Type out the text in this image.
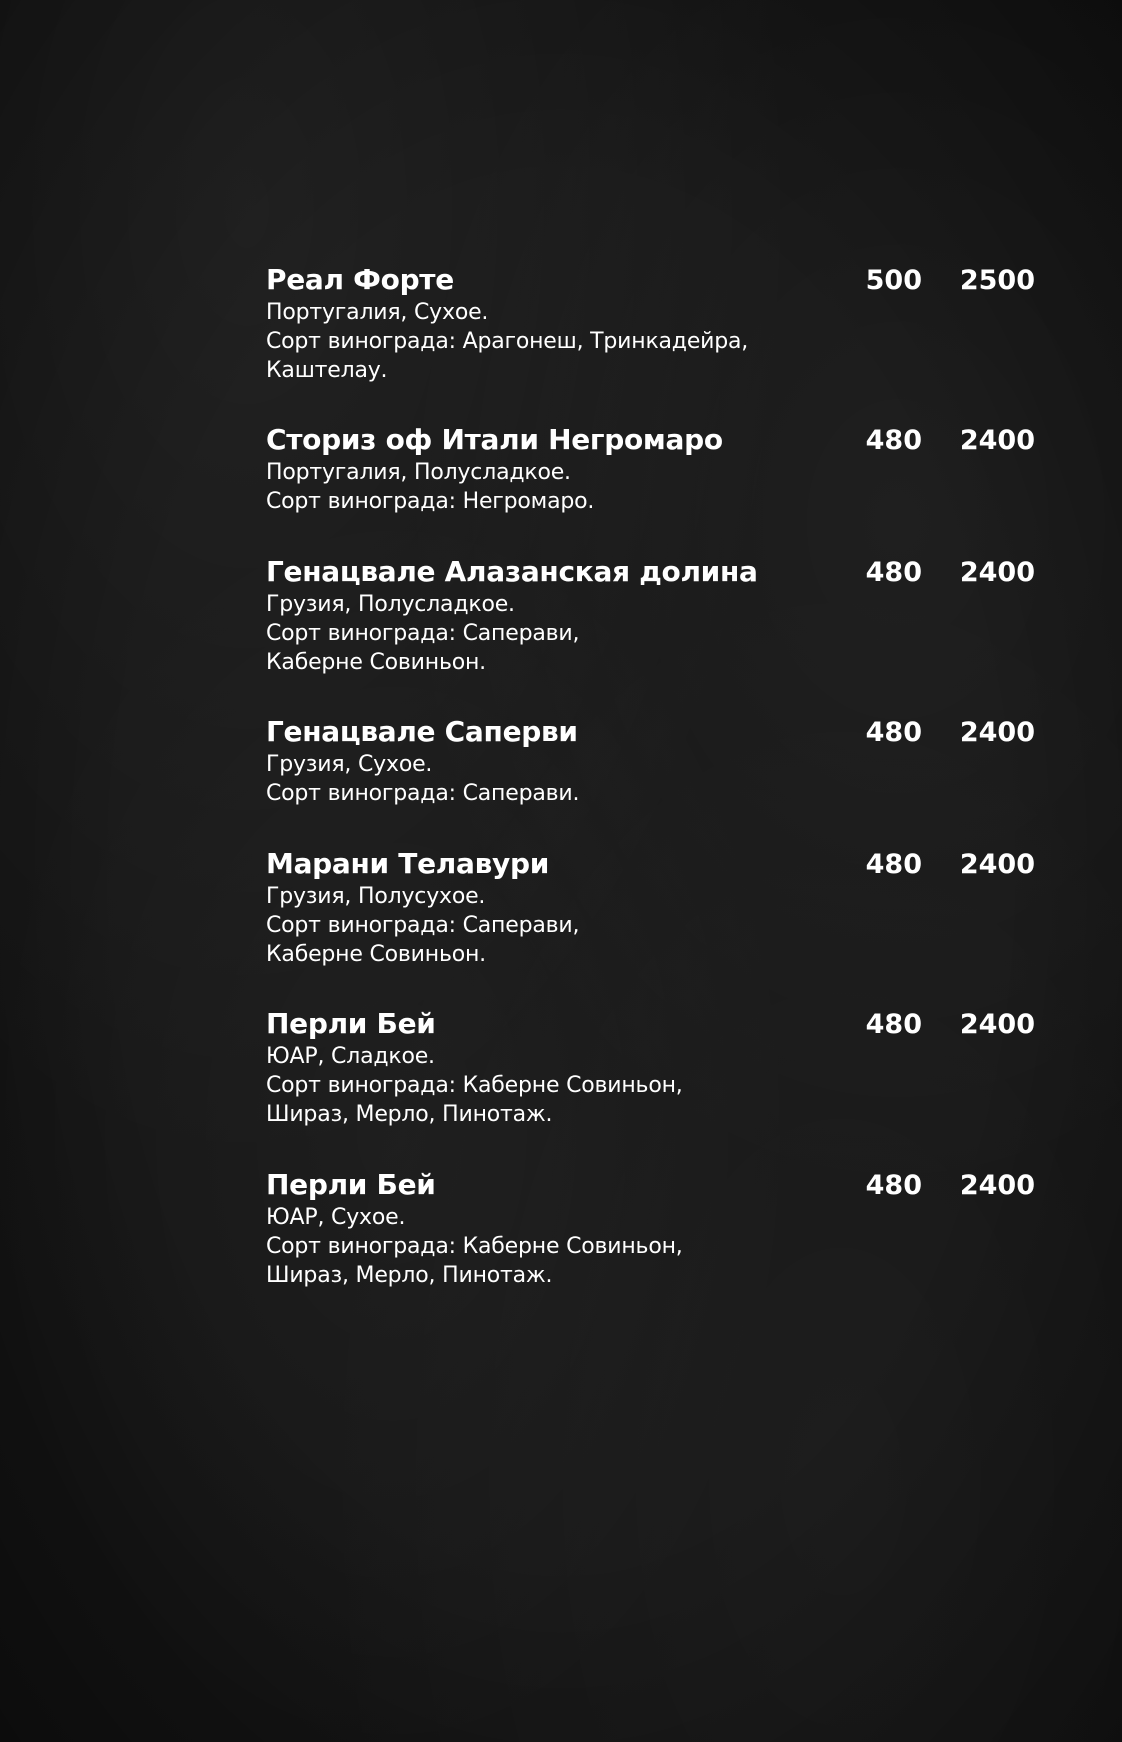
Реал Форте
Португалия, Сухое.
Сорт винограда: Арагонеш, Тринкадейра,
Каштелау.
500	2500
Сториз оф Итали Негромаро
Португалия, Полусладкое.
Сорт винограда: Негромаро.
480	2400
Генацвале Алазанская долина
Грузия, Полусладкое.
Сорт винограда: Саперави,
Каберне Совиньон.
480	2400
Генацвале Саперви
Грузия, Сухое.
Сорт винограда: Саперави.
480	2400
Марани Телавури
Грузия, Полусухое.
Сорт винограда: Саперави,
Каберне Совиньон.
480	2400
Перли Бей
ЮАР, Сладкое.
Сорт винограда: Каберне Совиньон,
Шираз, Мерло, Пинотаж.
480	2400
Перли Бей
ЮАР, Сухое.
Сорт винограда: Каберне Совиньон,
Шираз, Мерло, Пинотаж.
480	2400
